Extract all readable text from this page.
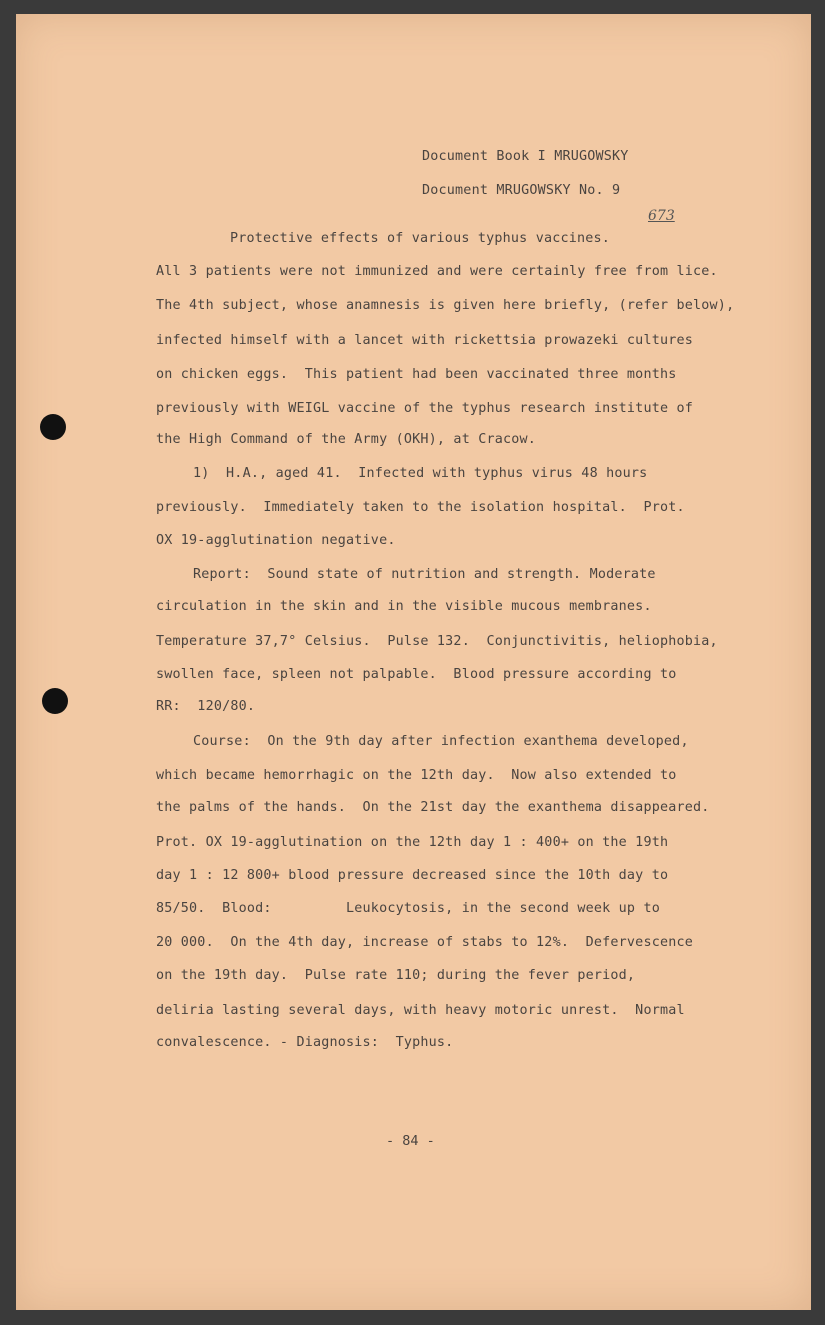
Document Book I MRUGOWSKY
Document MRUGOWSKY No. 9
673
Protective effects of various typhus vaccines.
All 3 patients were not immunized and were certainly free from lice.
The 4th subject, whose anamnesis is given here briefly, (refer below),
infected himself with a lancet with rickettsia prowazeki cultures
on chicken eggs.  This patient had been vaccinated three months
previously with WEIGL vaccine of the typhus research institute of
the High Command of the Army (OKH), at Cracow.
1)  H.A., aged 41.  Infected with typhus virus 48 hours
previously.  Immediately taken to the isolation hospital.  Prot.
OX 19-agglutination negative.
Report:  Sound state of nutrition and strength. Moderate
circulation in the skin and in the visible mucous membranes.
Temperature 37,7° Celsius.  Pulse 132.  Conjunctivitis, heliophobia,
swollen face, spleen not palpable.  Blood pressure according to
RR:  120/80.
Course:  On the 9th day after infection exanthema developed,
which became hemorrhagic on the 12th day.  Now also extended to
the palms of the hands.  On the 21st day the exanthema disappeared.
Prot. OX 19-agglutination on the 12th day 1 : 400+ on the 19th
day 1 : 12 800+ blood pressure decreased since the 10th day to
85/50.  Blood:         Leukocytosis, in the second week up to
20 000.  On the 4th day, increase of stabs to 12%.  Defervescence
on the 19th day.  Pulse rate 110; during the fever period,
deliria lasting several days, with heavy motoric unrest.  Normal
convalescence. - Diagnosis:  Typhus.
- 84 -
